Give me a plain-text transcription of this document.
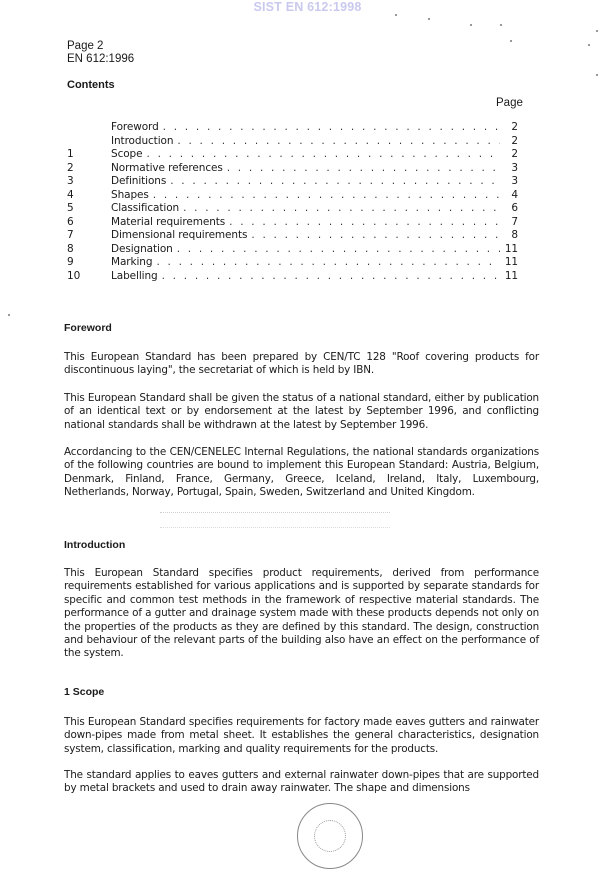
SIST EN 612:1998
Page 2
EN 612:1996
Contents
Page
Foreword . . .	2
Introduction . . .	2
1	Scope . . .	2
2	Normative references . . .	3
3	Definitions . . .	3
4	Shapes . . .	4
5	Classification . . .	6
6	Material requirements . . .	7
7	Dimensional requirements . . .	8
8	Designation . . .	11
9	Marking . . .	11
10	Labelling . . .	11
Foreword

This European Standard has been prepared by CEN/TC 128 "Roof covering products for discontinuous laying", the secretariat of which is held by IBN.

This European Standard shall be given the status of a national standard, either by publication of an identical text or by endorsement at the latest by September 1996, and conflicting national standards shall be withdrawn at the latest by September 1996.

Accordancing to the CEN/CENELEC Internal Regulations, the national standards organizations of the following countries are bound to implement this European Standard: Austria, Belgium, Denmark, Finland, France, Germany, Greece, Iceland, Ireland, Italy, Luxembourg, Netherlands, Norway, Portugal, Spain, Sweden, Switzerland and United Kingdom.

Introduction

This European Standard specifies product requirements, derived from performance requirements established for various applications and is supported by separate standards for specific and common test methods in the framework of respective material standards. The performance of a gutter and drainage system made with these products depends not only on the properties of the products as they are defined by this standard. The design, construction and behaviour of the relevant parts of the building also have an effect on the performance of the system.

1 Scope

This European Standard specifies requirements for factory made eaves gutters and rainwater down-pipes made from metal sheet. It establishes the general characteristics, designation system, classification, marking and quality requirements for the products.

The standard applies to eaves gutters and external rainwater down-pipes that are supported by metal brackets and used to drain away rainwater. The shape and dimensions
